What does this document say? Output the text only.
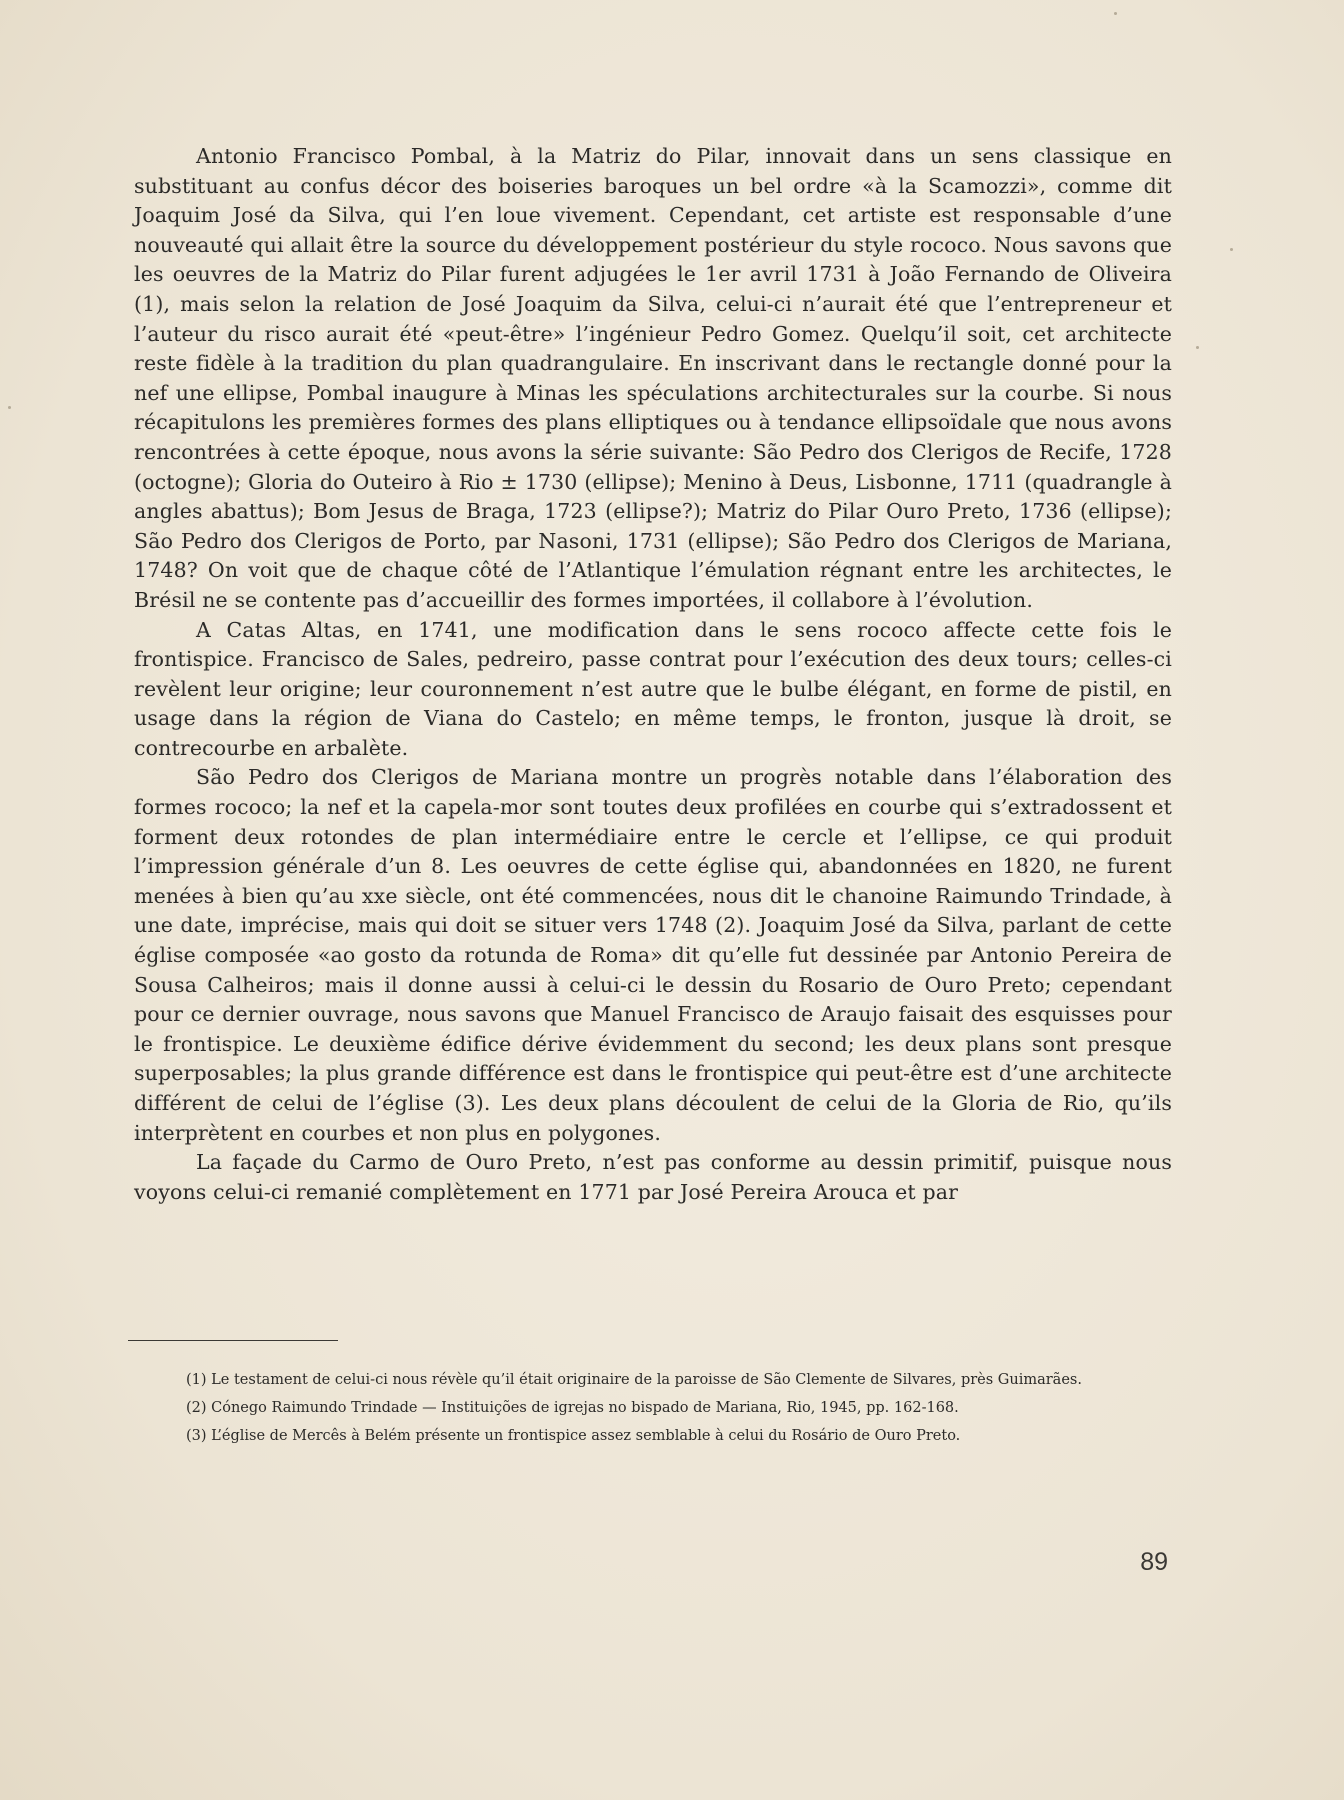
Antonio Francisco Pombal, à la Matriz do Pilar, innovait dans un sens classique en substituant au confus décor des boiseries baroques un bel ordre «à la Scamozzi», comme dit Joaquim José da Silva, qui l’en loue vivement. Cependant, cet artiste est responsable d’une nouveauté qui allait être la source du développement postérieur du style rococo. Nous savons que les oeuvres de la Matriz do Pilar furent adjugées le 1er avril 1731 à João Fernando de Oliveira (1), mais selon la relation de José Joaquim da Silva, celui-ci n’aurait été que l’entrepreneur et l’auteur du risco aurait été «peut-être» l’ingénieur Pedro Gomez. Quelqu’il soit, cet architecte reste fidèle à la tradition du plan quadrangulaire. En inscrivant dans le rectangle donné pour la nef une ellipse, Pombal inaugure à Minas les spéculations architecturales sur la courbe. Si nous récapitulons les premières formes des plans elliptiques ou à tendance ellipsoïdale que nous avons rencontrées à cette époque, nous avons la série suivante: São Pedro dos Clerigos de Recife, 1728 (octogne); Gloria do Outeiro à Rio ± 1730 (ellipse); Menino à Deus, Lisbonne, 1711 (quadrangle à angles abattus); Bom Jesus de Braga, 1723 (ellipse?); Matriz do Pilar Ouro Preto, 1736 (ellipse); São Pedro dos Clerigos de Porto, par Nasoni, 1731 (ellipse); São Pedro dos Clerigos de Mariana, 1748? On voit que de chaque côté de l’Atlantique l’émulation régnant entre les architectes, le Brésil ne se contente pas d’accueillir des formes importées, il collabore à l’évolution.

A Catas Altas, en 1741, une modification dans le sens rococo affecte cette fois le frontispice. Francisco de Sales, pedreiro, passe contrat pour l’exécution des deux tours; celles-ci revèlent leur origine; leur couronnement n’est autre que le bulbe élégant, en forme de pistil, en usage dans la région de Viana do Castelo; en même temps, le fronton, jusque là droit, se contrecourbe en arbalète.

São Pedro dos Clerigos de Mariana montre un progrès notable dans l’élaboration des formes rococo; la nef et la capela-mor sont toutes deux profilées en courbe qui s’extradossent et forment deux rotondes de plan intermédiaire entre le cercle et l’ellipse, ce qui produit l’impression générale d’un 8. Les oeuvres de cette église qui, abandonnées en 1820, ne furent menées à bien qu’au xxe siècle, ont été commencées, nous dit le chanoine Raimundo Trindade, à une date, imprécise, mais qui doit se situer vers 1748 (2). Joaquim José da Silva, parlant de cette église composée «ao gosto da rotunda de Roma» dit qu’elle fut dessinée par Antonio Pereira de Sousa Calheiros; mais il donne aussi à celui-ci le dessin du Rosario de Ouro Preto; cependant pour ce dernier ouvrage, nous savons que Manuel Francisco de Araujo faisait des esquisses pour le frontispice. Le deuxième édifice dérive évidemment du second; les deux plans sont presque superposables; la plus grande différence est dans le frontispice qui peut-être est d’une architecte différent de celui de l’église (3). Les deux plans découlent de celui de la Gloria de Rio, qu’ils interprètent en courbes et non plus en polygones.

La façade du Carmo de Ouro Preto, n’est pas conforme au dessin primitif, puisque nous voyons celui-ci remanié complètement en 1771 par José Pereira Arouca et par

(1) Le testament de celui-ci nous révèle qu’il était originaire de la paroisse de São Clemente de Silvares, près Guimarães.

(2) Cónego Raimundo Trindade — Instituições de igrejas no bispado de Mariana, Rio, 1945, pp. 162-168.

(3) L’église de Mercês à Belém présente un frontispice assez semblable à celui du Rosário de Ouro Preto.

89
